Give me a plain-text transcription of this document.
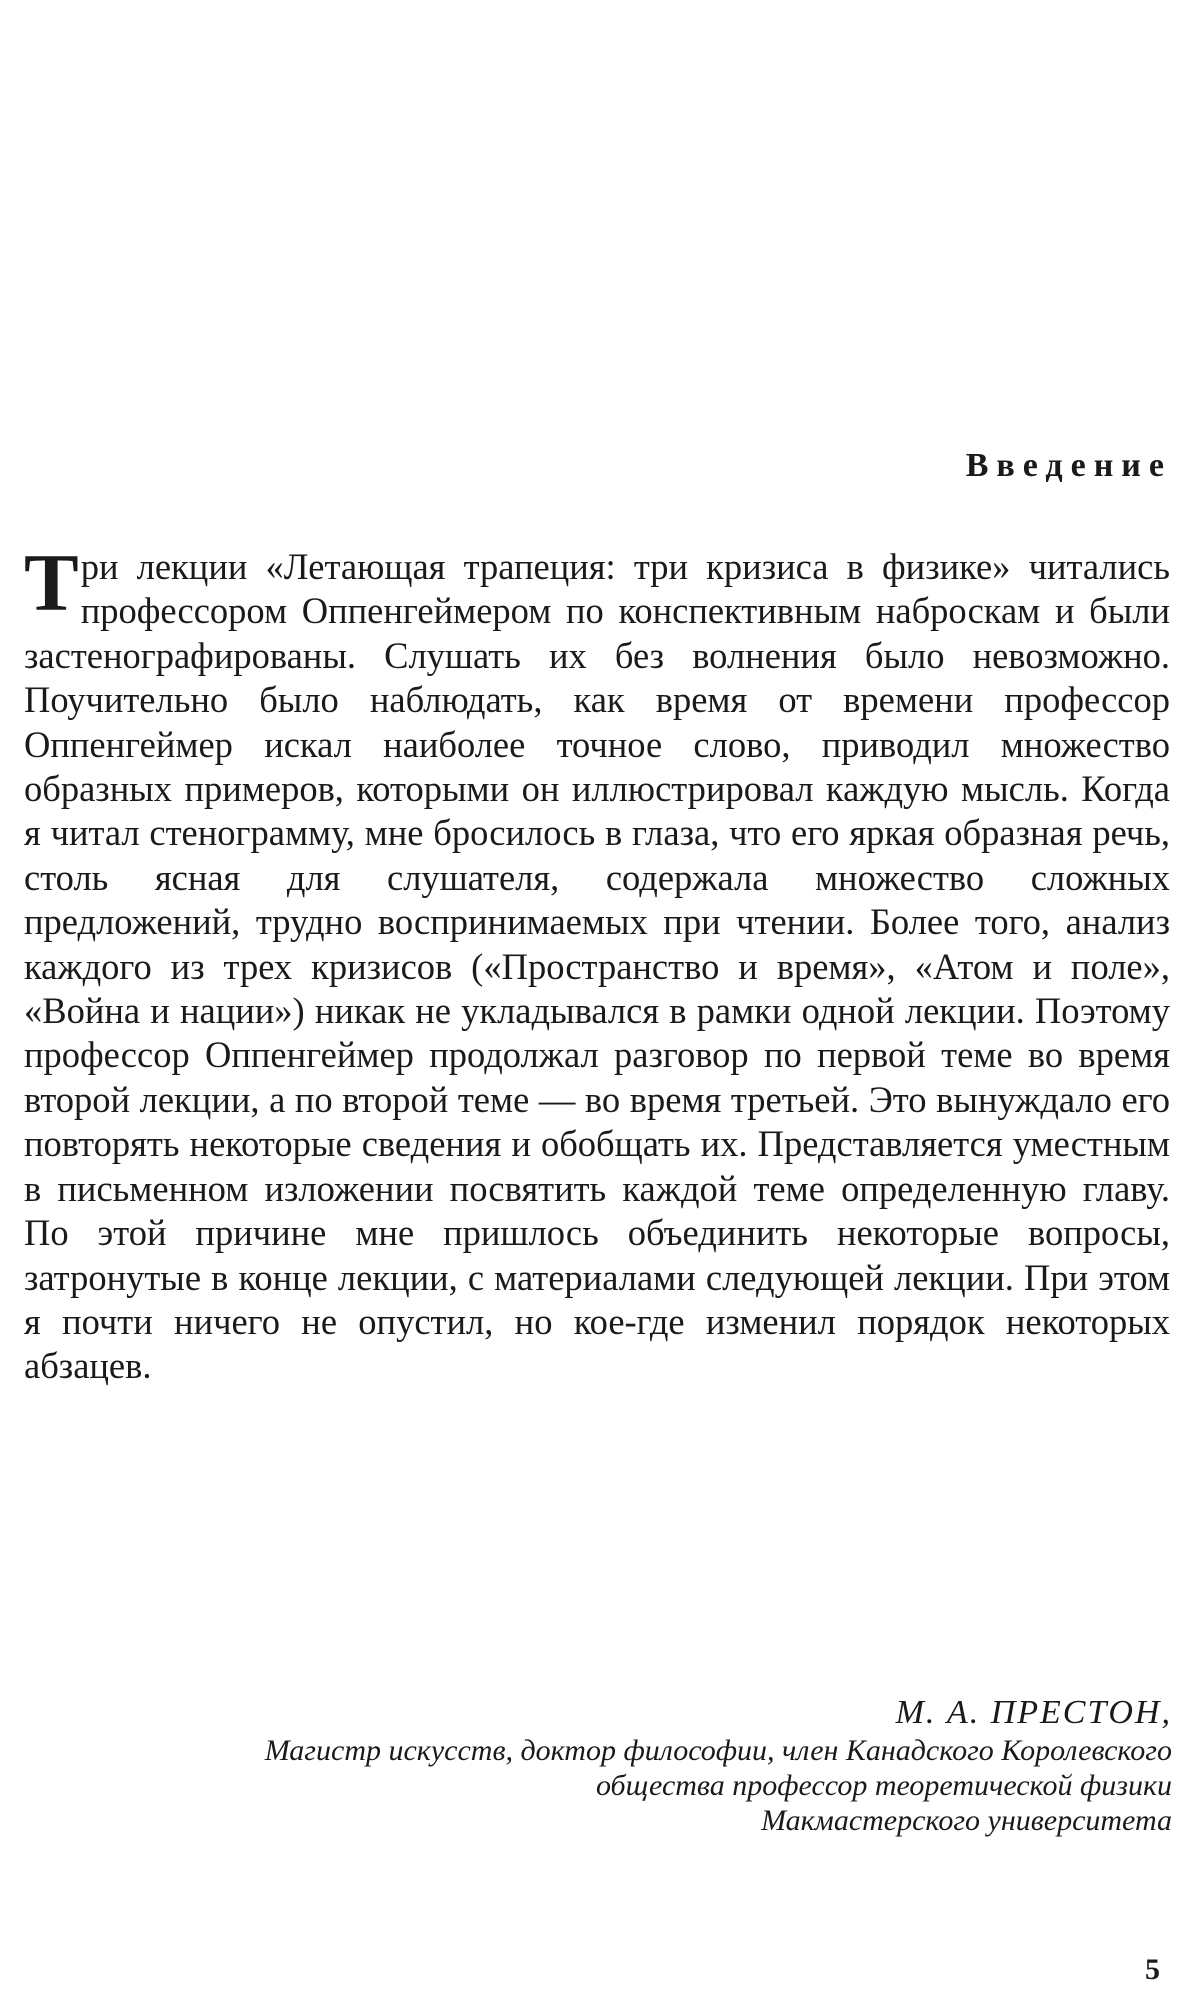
Введение

Три лекции «Летающая трапеция: три кризиса в физике» читались профессором Оппенгеймером по конспективным наброскам и были застенографированы. Слушать их без волнения было невозможно. Поучительно было наблюдать, как время от времени профессор Оппенгеймер искал наиболее точное слово, приводил множество образных примеров, которыми он иллюстрировал каждую мысль. Когда я читал стенограмму, мне бросилось в глаза, что его яркая образная речь, столь ясная для слушателя, содержала множество сложных предложений, трудно воспринимаемых при чтении. Более того, анализ каждого из трех кризисов («Пространство и время», «Атом и поле», «Война и нации») никак не укладывался в рамки одной лекции. Поэтому профессор Оппенгеймер продолжал разговор по первой теме во время второй лекции, а по второй теме — во время третьей. Это вынуждало его повторять некоторые сведения и обобщать их. Представляется уместным в письменном изложении посвятить каждой теме определенную главу. По этой причине мне пришлось объединить некоторые вопросы, затронутые в конце лекции, с материалами следующей лекции. При этом я почти ничего не опустил, но кое-где изменил порядок некоторых абзацев.

М. А. ПРЕСТОН,
Магистр искусств, доктор философии, член Канадского Королевского
общества профессор теоретической физики
Макмастерского университета
5
